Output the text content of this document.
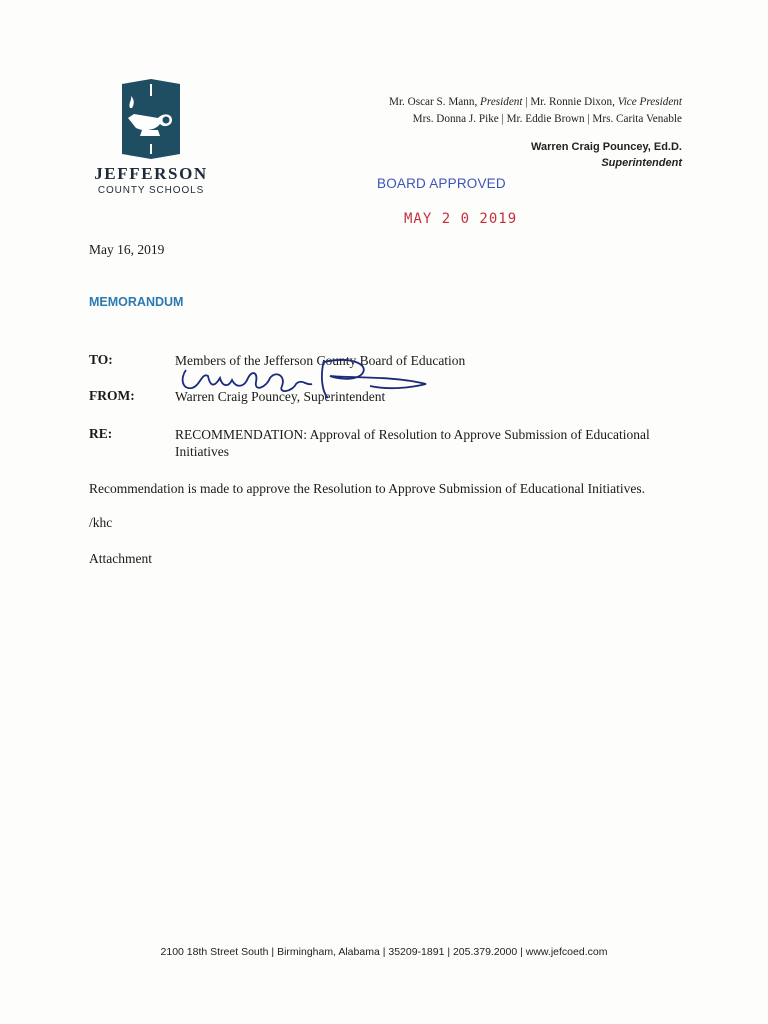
JEFFERSON
COUNTY SCHOOLS
Mr. Oscar S. Mann, President | Mr. Ronnie Dixon, Vice President
Mrs. Donna J. Pike | Mr. Eddie Brown | Mrs. Carita Venable
Warren Craig Pouncey, Ed.D.
Superintendent
BOARD APPROVED
MAY 2 0 2019
May 16, 2019
MEMORANDUM
TO:	Members of the Jefferson County Board of Education
FROM:	Warren Craig Pouncey, Superintendent
RE:	RECOMMENDATION: Approval of Resolution to Approve Submission of Educational Initiatives
Recommendation is made to approve the Resolution to Approve Submission of Educational Initiatives.
/khc
Attachment
2100 18th Street South | Birmingham, Alabama | 35209-1891 | 205.379.2000 | www.jefcoed.com
